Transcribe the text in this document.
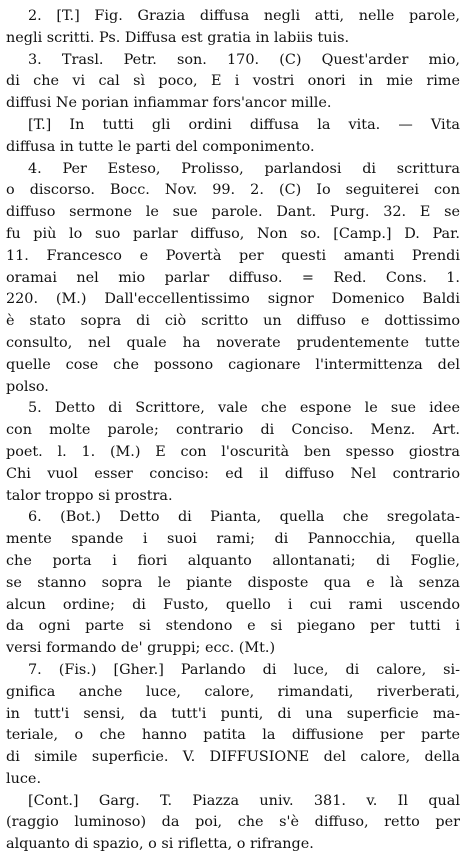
2. [T.] Fig. Grazia diffusa negli atti, nelle parole,
negli scritti. Ps. Diffusa est gratia in labiis tuis.
3. Trasl. Petr. son. 170. (C) Quest'arder mio,
di che vi cal sì poco, E i vostri onori in mie rime
diffusi Ne porian infiammar fors'ancor mille.
[T.] In tutti gli ordini diffusa la vita. — Vita
diffusa in tutte le parti del componimento.
4. Per Esteso, Prolisso, parlandosi di scrittura
o discorso. Bocc. Nov. 99. 2. (C) Io seguiterei con
diffuso sermone le sue parole. Dant. Purg. 32. E se
fu più lo suo parlar diffuso, Non so. [Camp.] D. Par.
11. Francesco e Povertà per questi amanti Prendi
oramai nel mio parlar diffuso. = Red. Cons. 1.
220. (M.) Dall'eccellentissimo signor Domenico Baldi
è stato sopra di ciò scritto un diffuso e dottissimo
consulto, nel quale ha noverate prudentemente tutte
quelle cose che possono cagionare l'intermittenza del
polso.
5. Detto di Scrittore, vale che espone le sue idee
con molte parole; contrario di Conciso. Menz. Art.
poet. l. 1. (M.) E con l'oscurità ben spesso giostra
Chi vuol esser conciso: ed il diffuso Nel contrario
talor troppo si prostra.
6. (Bot.) Detto di Pianta, quella che sregolata-
mente spande i suoi rami; di Pannocchia, quella
che porta i fiori alquanto allontanati; di Foglie,
se stanno sopra le piante disposte qua e là senza
alcun ordine; di Fusto, quello i cui rami uscendo
da ogni parte si stendono e si piegano per tutti i
versi formando de' gruppi; ecc. (Mt.)
7. (Fis.) [Gher.] Parlando di luce, di calore, si-
gnifica anche luce, calore, rimandati, riverberati,
in tutt'i sensi, da tutt'i punti, di una superficie ma-
teriale, o che hanno patita la diffusione per parte
di simile superficie. V. DIFFUSIONE del calore, della
luce.
[Cont.] Garg. T. Piazza univ. 381. v. Il qual
(raggio luminoso) da poi, che s'è diffuso, retto per
alquanto di spazio, o si rifletta, o rifrange.
